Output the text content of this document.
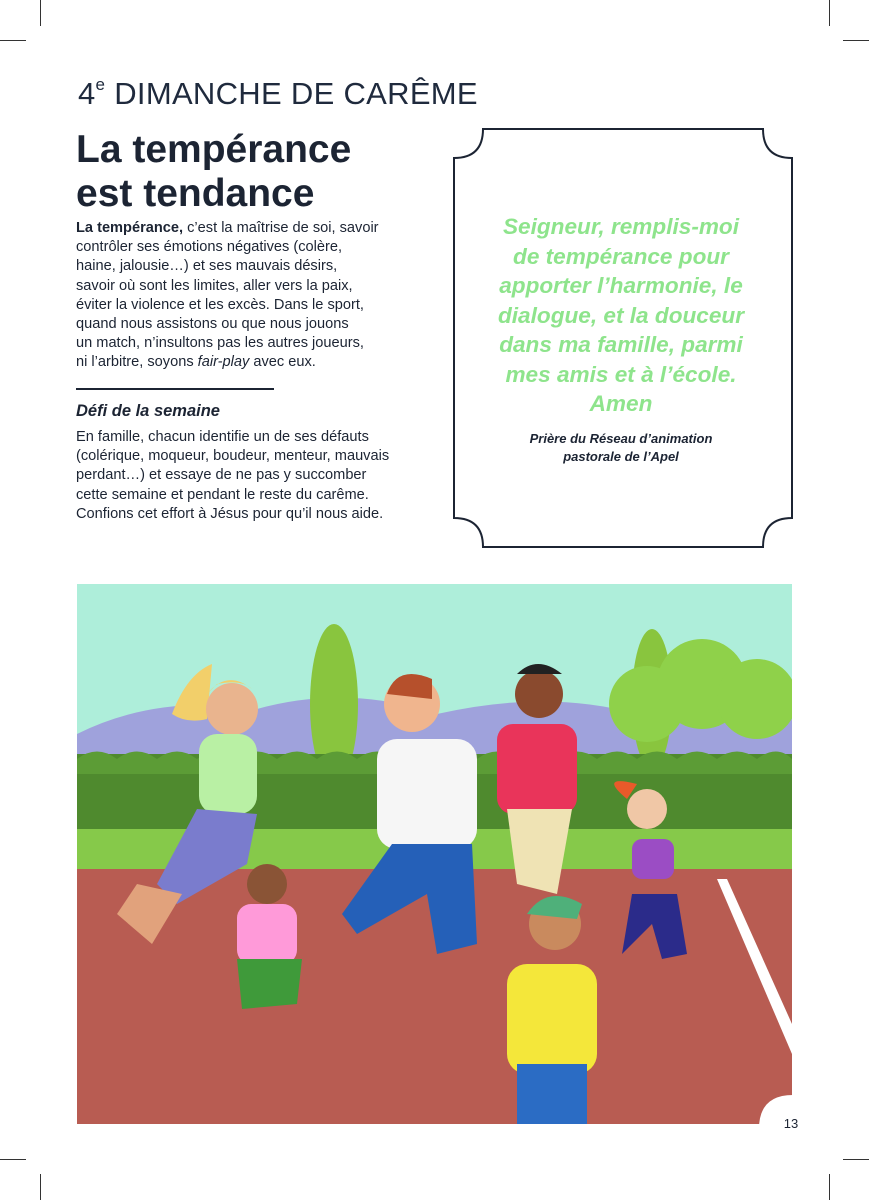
4e DIMANCHE DE CARÊME
La tempérance
est tendance

La tempérance, c’est la maîtrise de soi, savoir
contrôler ses émotions négatives (colère,
haine, jalousie…) et ses mauvais désirs,
savoir où sont les limites, aller vers la paix,
éviter la violence et les excès. Dans le sport,
quand nous assistons ou que nous jouons
un match, n’insultons pas les autres joueurs,
ni l’arbitre, soyons fair-play avec eux.

Défi de la semaine

En famille, chacun identifie un de ses défauts
(colérique, moqueur, boudeur, menteur, mauvais
perdant…) et essaye de ne pas y succomber
cette semaine et pendant le reste du carême.
Confions cet effort à Jésus pour qu’il nous aide.

Seigneur, remplis-moi
de tempérance pour
apporter l’harmonie, le
dialogue, et la douceur
dans ma famille, parmi
mes amis et à l’école.
Amen

Prière du Réseau d’animation
pastorale de l’Apel

13
